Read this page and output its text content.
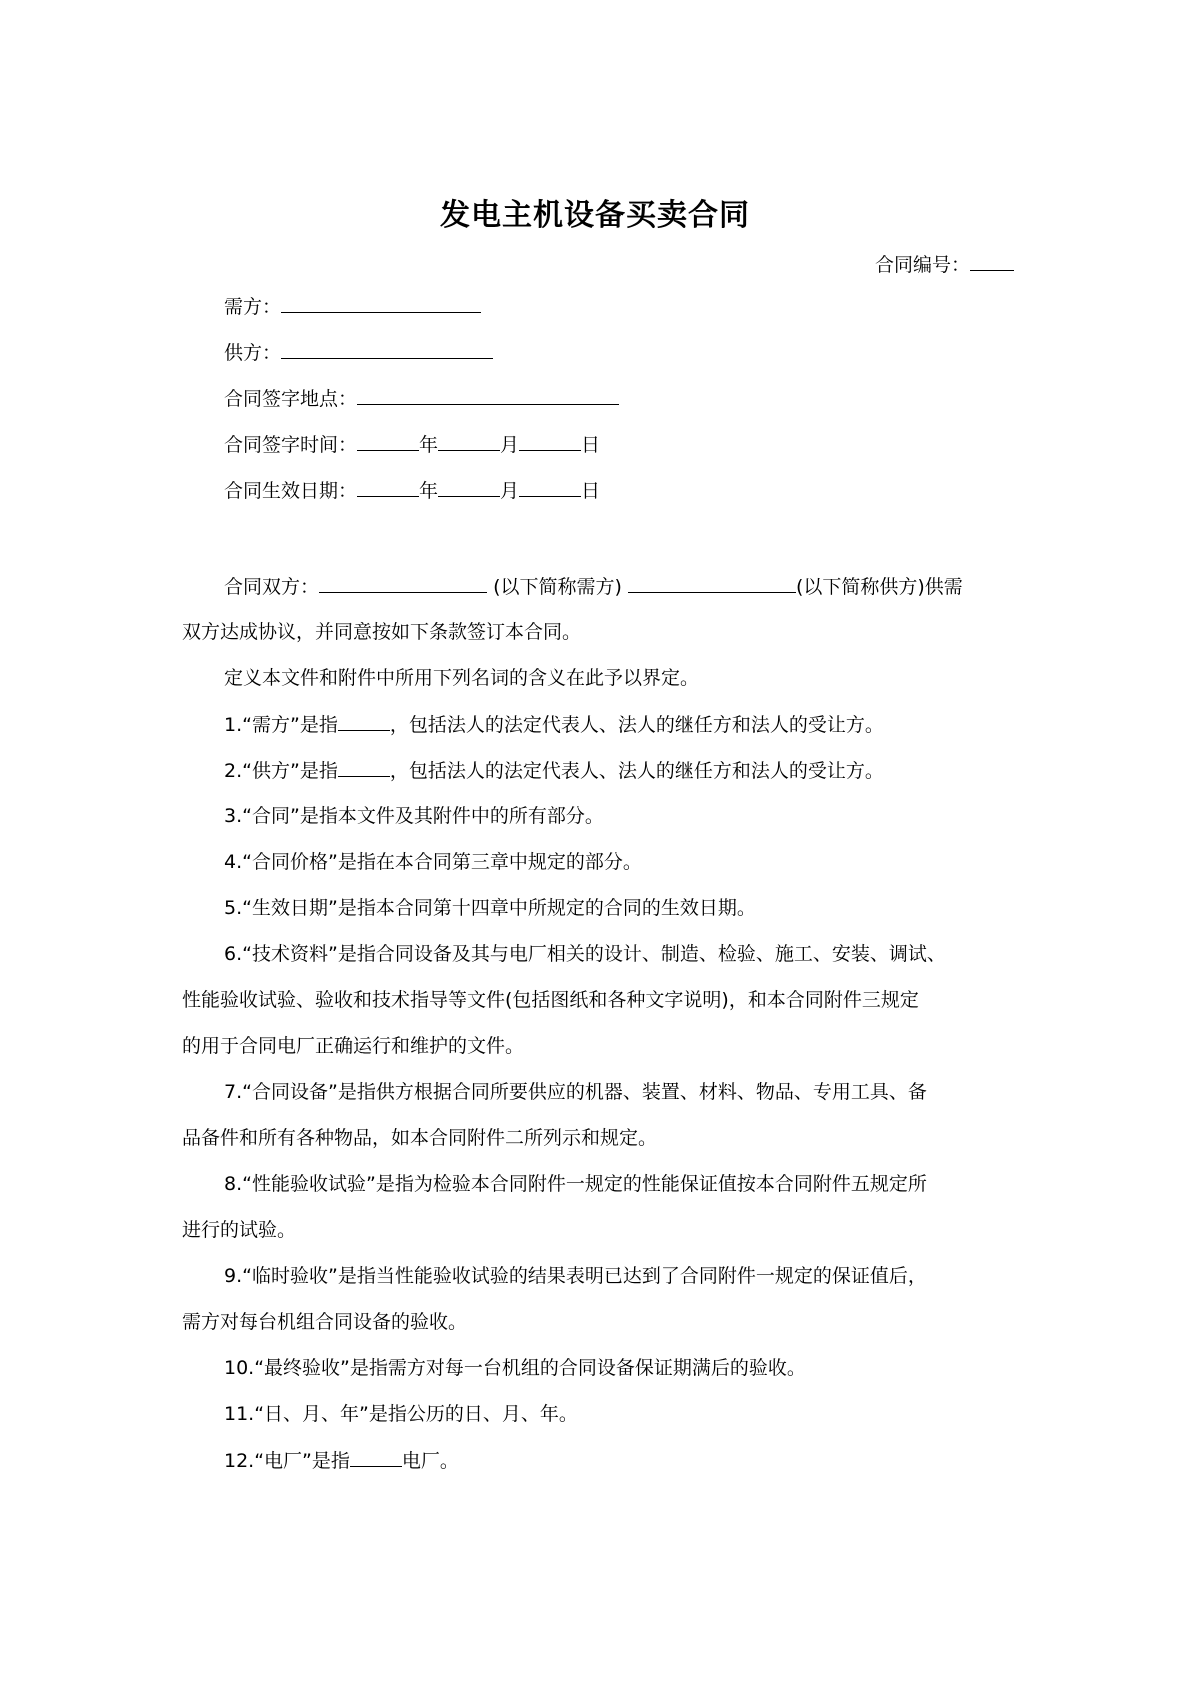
发电主机设备买卖合同
合同编号：
需方：
供方：
合同签字地点：
合同签字时间：	年	月	日
合同生效日期：	年	月	日
合同双方：	(以下简称需方)	(以下简称供方)供需
双方达成协议，并同意按如下条款签订本合同。
定义本文件和附件中所用下列名词的含义在此予以界定。
1.“需方”是指	，包括法人的法定代表人、法人的继任方和法人的受让方。
2.“供方”是指	，包括法人的法定代表人、法人的继任方和法人的受让方。
3.“合同”是指本文件及其附件中的所有部分。
4.“合同价格”是指在本合同第三章中规定的部分。
5.“生效日期”是指本合同第十四章中所规定的合同的生效日期。
6.“技术资料”是指合同设备及其与电厂相关的设计、制造、检验、施工、安装、调试、
性能验收试验、验收和技术指导等文件(包括图纸和各种文字说明)，和本合同附件三规定
的用于合同电厂正确运行和维护的文件。
7.“合同设备”是指供方根据合同所要供应的机器、装置、材料、物品、专用工具、备
品备件和所有各种物品，如本合同附件二所列示和规定。
8.“性能验收试验”是指为检验本合同附件一规定的性能保证值按本合同附件五规定所
进行的试验。
9.“临时验收”是指当性能验收试验的结果表明已达到了合同附件一规定的保证值后，
需方对每台机组合同设备的验收。
10.“最终验收”是指需方对每一台机组的合同设备保证期满后的验收。
11.“日、月、年”是指公历的日、月、年。
12.“电厂”是指	电厂。
